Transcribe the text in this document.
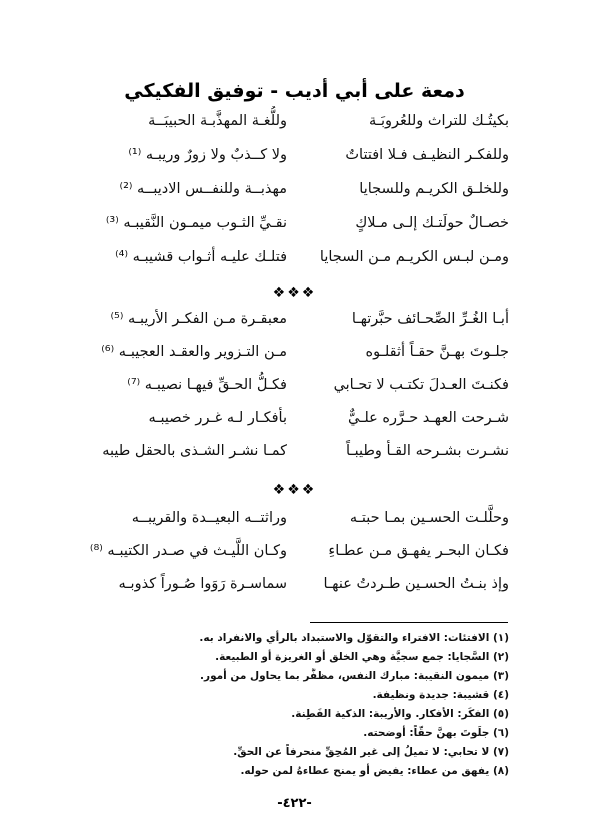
دمعة على أبي أديب - توفيق الفكيكي
بكيتُـك للتراث وللعُروبَـة
وللُّغـة المهذَّبـة الحبيبَــة
وللفكـر النظيـف فـلا افتتاتٌ
ولا كــذبٌ ولا زورٌ وريبـه ⁽¹⁾
وللخلـق الكريـم وللسجايا
مهذبــة وللنفــس الاديبــه ⁽²⁾
خصـالٌ حولَتـك إلـى مـلاكٍ
نقـيِّ الثـوب ميمـون النَّقيبـه ⁽³⁾
ومـن لبـس الكريـم مـن السجايا
فتلـك عليـه أثـواب قشيبـه ⁽⁴⁾
❖❖❖
أبـا الغُـرِّ الصِّحـائف حبَّرتهـا
معبقـرة مـن الفكـر الأريبـه ⁽⁵⁾
جلـوتَ بهـنَّ حقـاً أثقلـوه
مـن التـزوير والعقـد العجيبـه ⁽⁶⁾
فكنـتَ العـدلَ تكتـب لا تحـابي
فكـلُّ الحـقِّ فيهـا نصيبـه ⁽⁷⁾
شـرحت العهـد حـرَّره علـيٌّ
بأفكـار لـه غـرر خصيبـه
نشـرت بشـرحه القـأ وطيبـاً
كمـا نشـر الشـذى بالحقل طيبه
❖❖❖
وحلَّلـت الحسـين بمـا حبتـه
وراثتــه البعيــدة والقريبــه
فكـان البحـر يفهـق مـن عطـاءِ
وكـان اللَّيـث في صـدر الكتيبـه ⁽⁸⁾
وإذ بنـتُ الحسـين طـردتُ عنهـا
سماسـرة رَوَوا صُـوراً كذوبـه
(١) الافتئات: الافتراء والتقوّل والاستبداد بالرأي والانفراد به.
(٢) السَّجايا: جمع سجيَّة وهي الخلق أو الغريزة أو الطبيعة.
(٣) ميمون النقيبة: مبارك النفس، مظفَّر بما يحاول من أمور.
(٤) قشيبة: جديدة ونظيفة.
(٥) الفكَر: الأفكار. والأريبة: الذكية الفَطِنة.
(٦) جلَوتَ بهنَّ حقّاً: أوضحته.
(٧) لا تحابي: لا تميلُ إلى غير المُحِقِّ منحرفاً عن الحقِّ.
(٨) يفهق من عطاء: يفيض أو يمنح عطاءهُ لمن حوله.
-٤٢٢-
